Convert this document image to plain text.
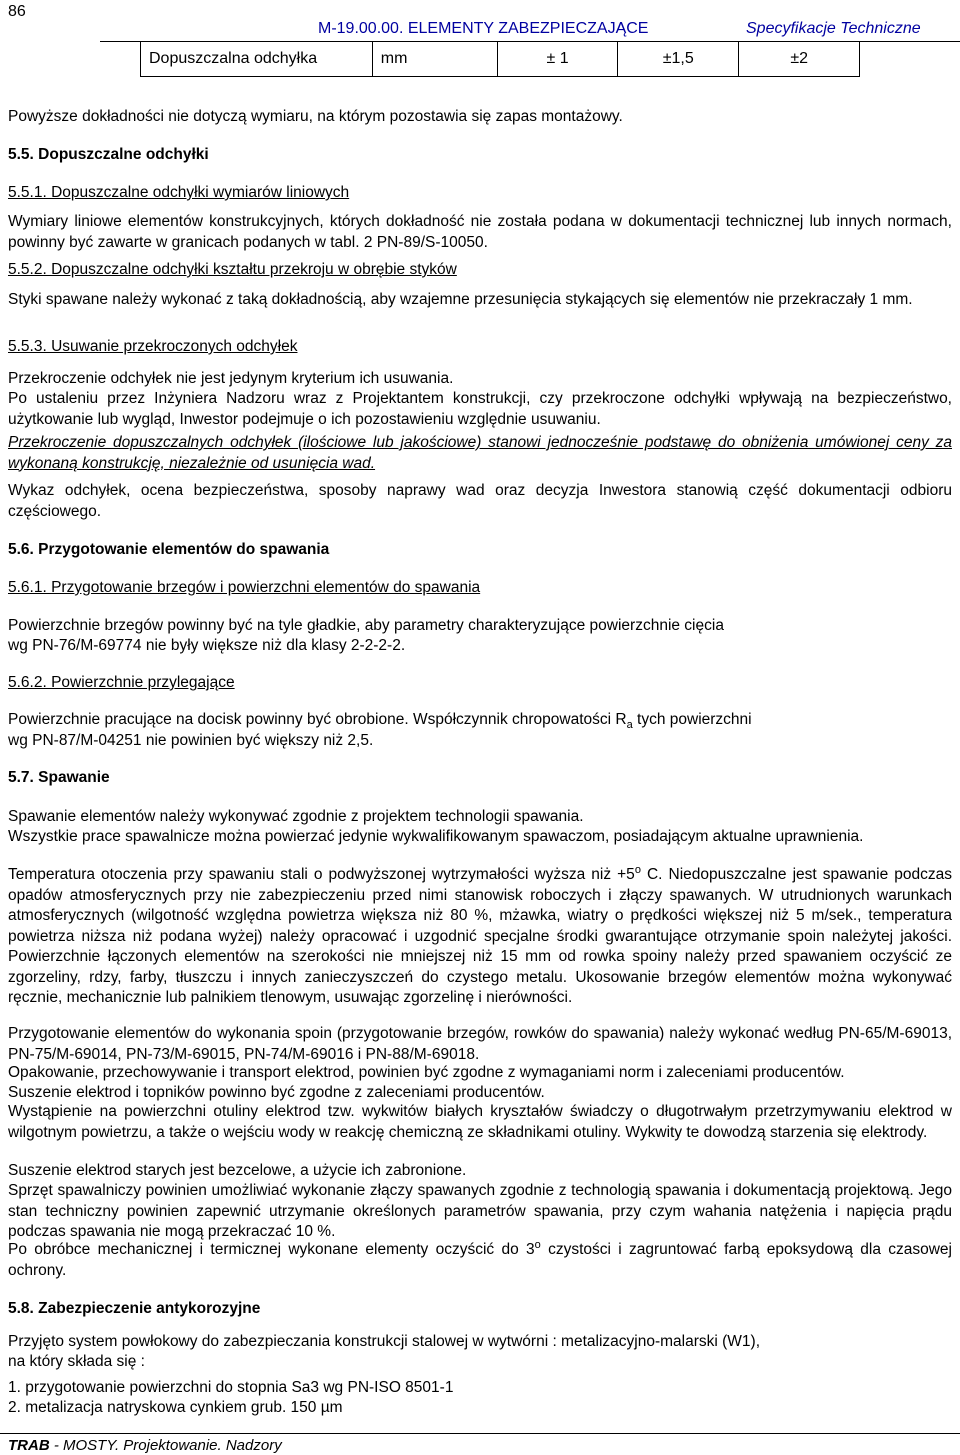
86
M-19.00.00. ELEMENTY ZABEZPIECZAJĄCE	Specyfikacje Techniczne
Dopuszczalna odchyłka	mm	± 1	±1,5	±2
Powyższe dokładności nie dotyczą wymiaru, na którym pozostawia się zapas montażowy.
5.5. Dopuszczalne odchyłki
5.5.1. Dopuszczalne odchyłki wymiarów liniowych
Wymiary liniowe elementów konstrukcyjnych, których dokładność nie została podana w dokumentacji technicznej lub innych normach, powinny być zawarte w granicach podanych w tabl. 2 PN-89/S-10050.
5.5.2. Dopuszczalne odchyłki kształtu przekroju w obrębie styków
Styki spawane należy wykonać z taką dokładnością, aby wzajemne przesunięcia stykających się elementów nie przekraczały 1 mm.
5.5.3. Usuwanie przekroczonych odchyłek
Przekroczenie odchyłek nie jest jedynym kryterium ich usuwania.
Po ustaleniu przez Inżyniera Nadzoru wraz z Projektantem konstrukcji, czy przekroczone odchyłki wpływają na bezpieczeństwo, użytkowanie lub wygląd, Inwestor podejmuje o ich pozostawieniu względnie usuwaniu.
Przekroczenie dopuszczalnych odchyłek (ilościowe lub jakościowe) stanowi jednocześnie podstawę do obniżenia umówionej ceny za wykonaną konstrukcję, niezależnie od usunięcia wad.
Wykaz odchyłek, ocena bezpieczeństwa, sposoby naprawy wad oraz decyzja Inwestora stanowią część dokumentacji odbioru częściowego.
5.6. Przygotowanie elementów do spawania
5.6.1. Przygotowanie brzegów i powierzchni elementów do spawania
Powierzchnie brzegów powinny być na tyle gładkie, aby parametry charakteryzujące powierzchnie cięcia
wg PN-76/M-69774 nie były większe niż dla klasy 2-2-2-2.
5.6.2. Powierzchnie przylegające
Powierzchnie pracujące na docisk powinny być obrobione. Współczynnik chropowatości $R_a$ tych powierzchni
wg PN-87/M-04251 nie powinien być większy niż 2,5.
5.7. Spawanie
Spawanie elementów należy wykonywać zgodnie z projektem technologii spawania.
Wszystkie prace spawalnicze można powierzać jedynie wykwalifikowanym spawaczom, posiadającym aktualne uprawnienia.
Temperatura otoczenia przy spawaniu stali o podwyższonej wytrzymałości wyższa niż $+5^o$ C. Niedopuszczalne jest spawanie podczas opadów atmosferycznych przy nie zabezpieczeniu przed nimi stanowisk roboczych i złączy spawanych. W utrudnionych warunkach atmosferycznych (wilgotność względna powietrza większa niż 80 %, mżawka, wiatry o prędkości większej niż 5 m/sek., temperatura powietrza niższa niż podana wyżej) należy opracować i uzgodnić specjalne środki gwarantujące otrzymanie spoin należytej jakości. Powierzchnie łączonych elementów na szerokości nie mniejszej niż 15 mm od rowka spoiny należy przed spawaniem oczyścić ze zgorzeliny, rdzy, farby, tłuszczu i innych zanieczyszczeń do czystego metalu. Ukosowanie brzegów elementów można wykonywać ręcznie, mechanicznie lub palnikiem tlenowym, usuwając zgorzelinę i nierówności.
Przygotowanie elementów do wykonania spoin (przygotowanie brzegów, rowków do spawania) należy wykonać według PN-65/M-69013, PN-75/M-69014, PN-73/M-69015, PN-74/M-69016 i PN-88/M-69018.
Opakowanie, przechowywanie i transport elektrod, powinien być zgodne z wymaganiami norm i zaleceniami producentów.
Suszenie elektrod i topników powinno być zgodne z zaleceniami producentów.
Wystąpienie na powierzchni otuliny elektrod tzw. wykwitów białych kryształów świadczy o długotrwałym przetrzymywaniu elektrod w wilgotnym powietrzu, a także o wejściu wody w reakcję chemiczną ze składnikami otuliny. Wykwity te dowodzą starzenia się elektrody.
Suszenie elektrod starych jest bezcelowe, a użycie ich zabronione.
Sprzęt spawalniczy powinien umożliwiać wykonanie złączy spawanych zgodnie z technologią spawania i dokumentacją projektową. Jego stan techniczny powinien zapewnić utrzymanie określonych parametrów spawania, przy czym wahania natężenia i napięcia prądu podczas spawania nie mogą przekraczać 10 %.
Po obróbce mechanicznej i termicznej wykonane elementy oczyścić do 3$^o$ czystości i zagruntować farbą epoksydową dla czasowej ochrony.
5.8. Zabezpieczenie antykorozyjne
Przyjęto system powłokowy do zabezpieczania konstrukcji stalowej w wytwórni : metalizacyjno-malarski (W1),
na który składa się :
1. przygotowanie powierzchni do stopnia Sa3 wg PN-ISO 8501-1
2. metalizacja natryskowa cynkiem grub. 150 µm
TRAB - MOSTY. Projektowanie. Nadzory
